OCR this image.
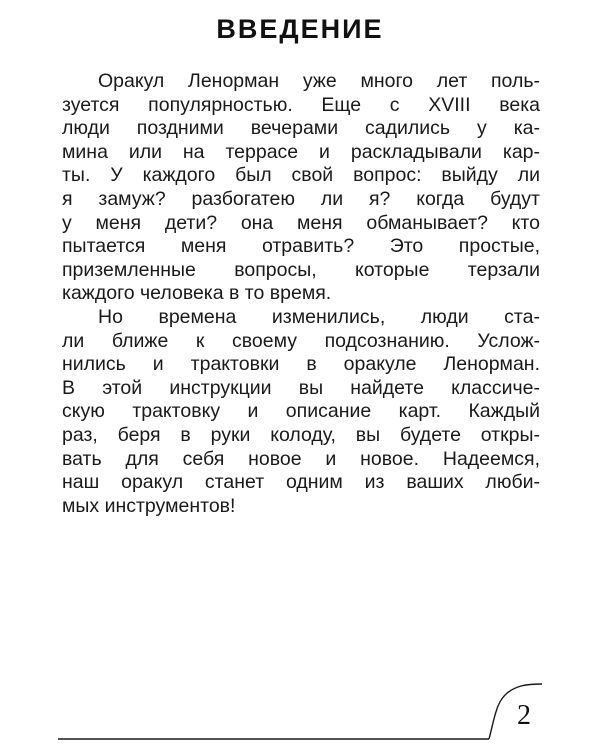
ВВЕДЕНИЕ
Оракул Ленорман уже много лет поль-
зуется популярностью. Еще с XVIII века
люди поздними вечерами садились у ка-
мина или на террасе и раскладывали кар-
ты. У каждого был свой вопрос: выйду ли
я замуж? разбогатею ли я? когда будут
у меня дети? она меня обманывает? кто
пытается меня отравить? Это простые,
приземленные вопросы, которые терзали
каждого человека в то время.
Но времена изменились, люди ста-
ли ближе к своему подсознанию. Услож-
нились и трактовки в оракуле Ленорман.
В этой инструкции вы найдете классиче-
скую трактовку и описание карт. Каждый
раз, беря в руки колоду, вы будете откры-
вать для себя новое и новое. Надеемся,
наш оракул станет одним из ваших люби-
мых инструментов!
2
